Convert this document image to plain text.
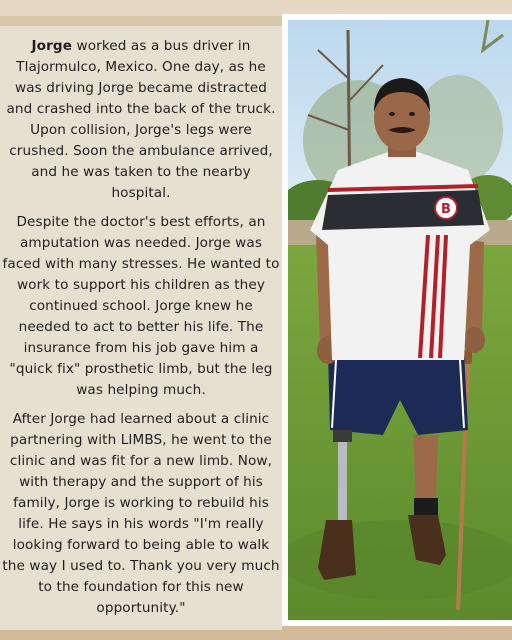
Jorge worked as a bus driver in Tlajormulco, Mexico. One day, as he was driving Jorge became distracted and crashed into the back of the truck. Upon collision, Jorge's legs were crushed. Soon the ambulance arrived, and he was taken to the nearby hospital.

Despite the doctor's best efforts, an amputation was needed. Jorge was faced with many stresses. He wanted to work to support his children as they continued school. Jorge knew he needed to act to better his life. The insurance from his job gave him a "quick fix" prosthetic limb, but the leg was helping much.

After Jorge had learned about a clinic partnering with LIMBS, he went to the clinic and was fit for a new limb. Now, with therapy and the support of his family, Jorge is working to rebuild his life. He says in his words "I'm really looking forward to being able to walk the way I used to. Thank you very much to the foundation for this new opportunity."

B
